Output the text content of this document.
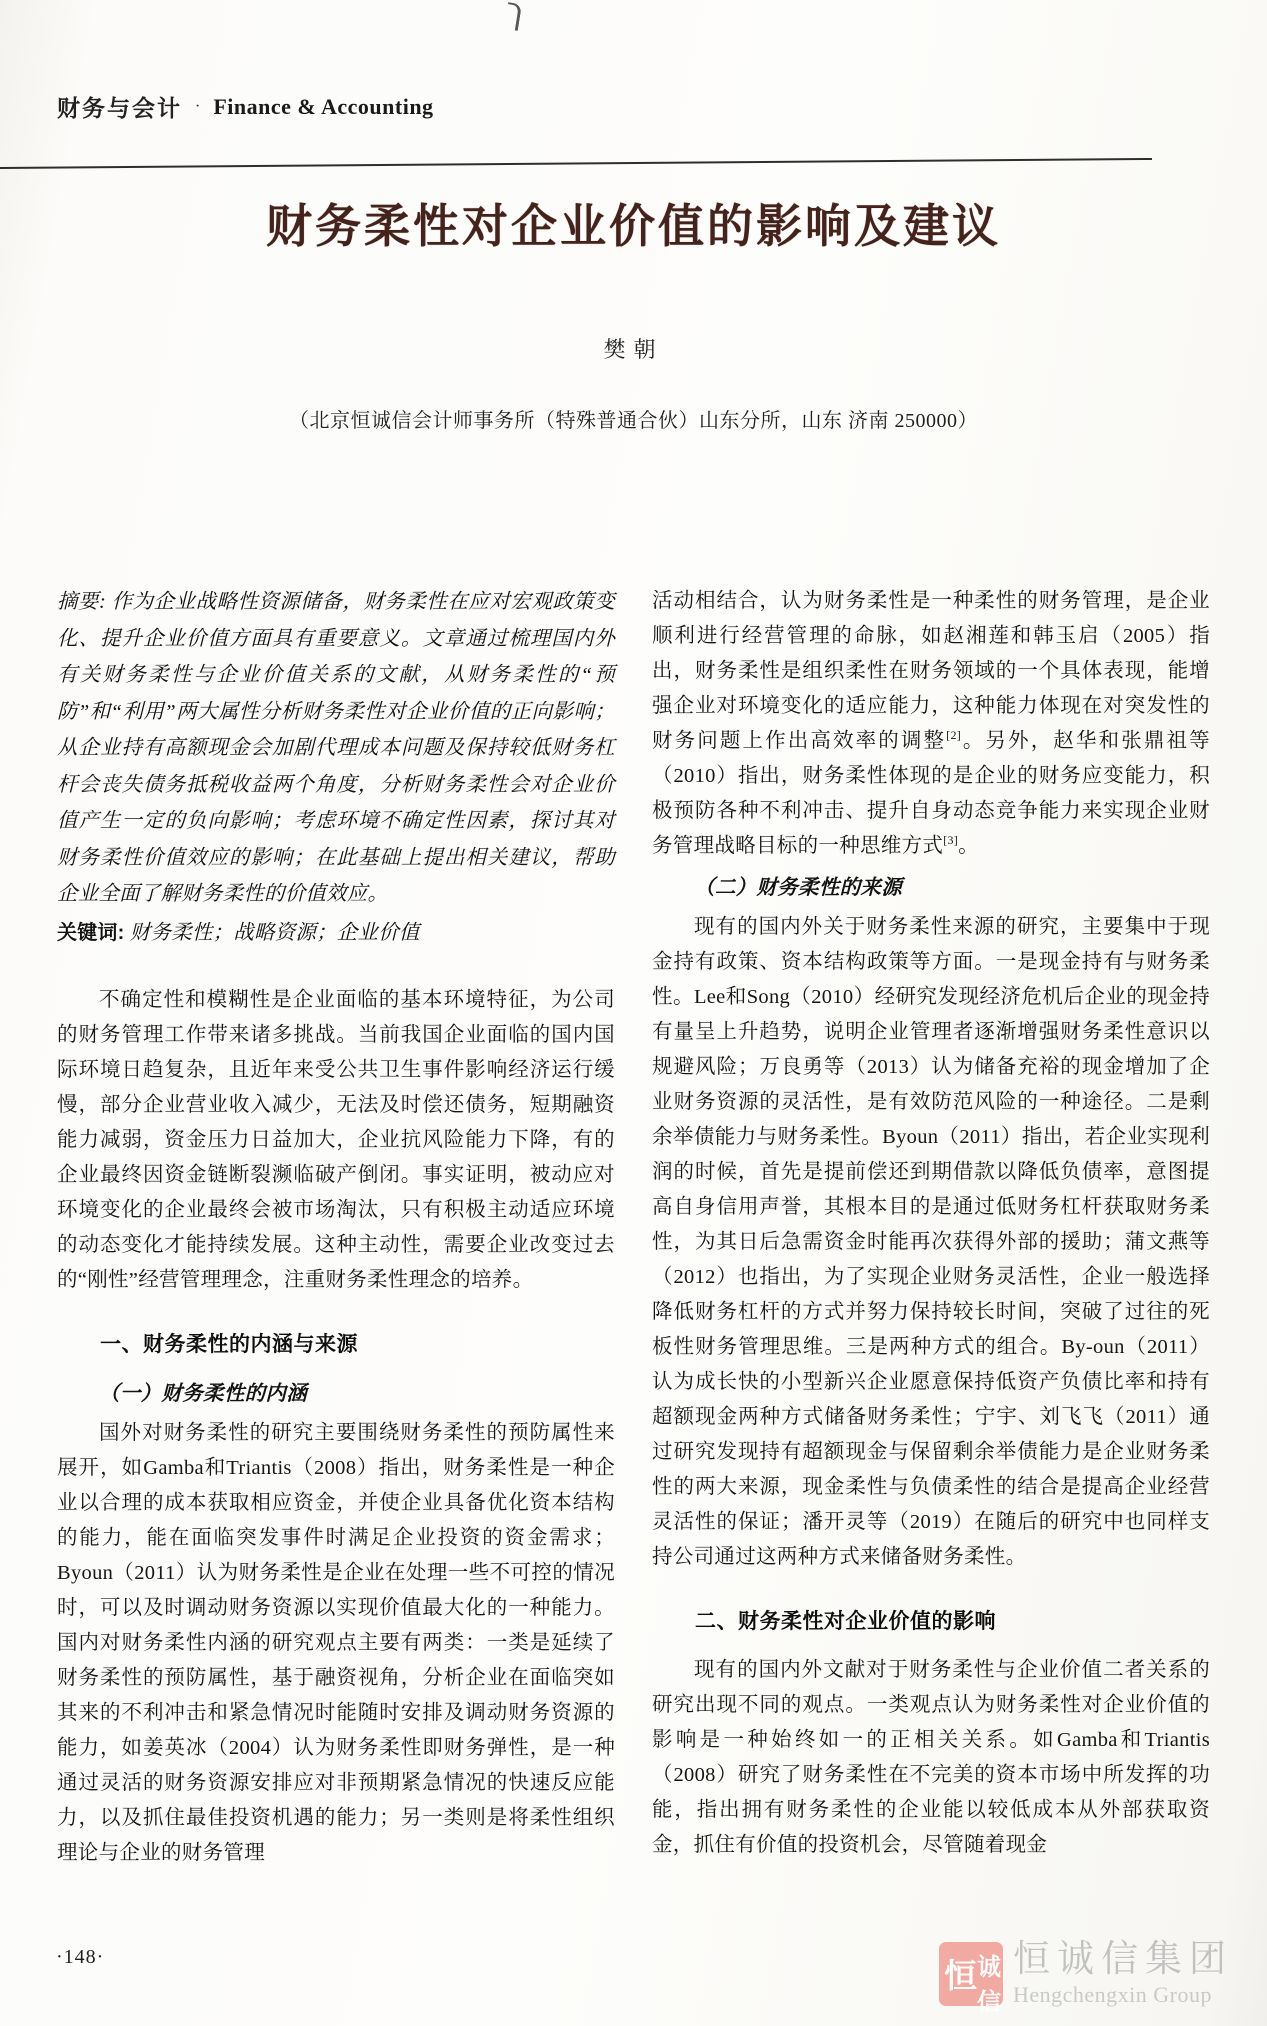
财务与会计 · Finance & Accounting
财务柔性对企业价值的影响及建议
樊朝
（北京恒诚信会计师事务所（特殊普通合伙）山东分所，山东 济南 250000）

摘要: 作为企业战略性资源储备，财务柔性在应对宏观政策变化、提升企业价值方面具有重要意义。文章通过梳理国内外有关财务柔性与企业价值关系的文献，从财务柔性的“预防”和“利用”两大属性分析财务柔性对企业价值的正向影响；从企业持有高额现金会加剧代理成本问题及保持较低财务杠杆会丧失债务抵税收益两个角度，分析财务柔性会对企业价值产生一定的负向影响；考虑环境不确定性因素，探讨其对财务柔性价值效应的影响；在此基础上提出相关建议，帮助企业全面了解财务柔性的价值效应。

关键词: 财务柔性；战略资源；企业价值

不确定性和模糊性是企业面临的基本环境特征，为公司的财务管理工作带来诸多挑战。当前我国企业面临的国内国际环境日趋复杂，且近年来受公共卫生事件影响经济运行缓慢，部分企业营业收入减少，无法及时偿还债务，短期融资能力减弱，资金压力日益加大，企业抗风险能力下降，有的企业最终因资金链断裂濒临破产倒闭。事实证明，被动应对环境变化的企业最终会被市场淘汰，只有积极主动适应环境的动态变化才能持续发展。这种主动性，需要企业改变过去的“刚性”经营管理理念，注重财务柔性理念的培养。

一、财务柔性的内涵与来源
（一）财务柔性的内涵

国外对财务柔性的研究主要围绕财务柔性的预防属性来展开，如Gamba和Triantis（2008）指出，财务柔性是一种企业以合理的成本获取相应资金，并使企业具备优化资本结构的能力，能在面临突发事件时满足企业投资的资金需求；Byoun（2011）认为财务柔性是企业在处理一些不可控的情况时，可以及时调动财务资源以实现价值最大化的一种能力。国内对财务柔性内涵的研究观点主要有两类：一类是延续了财务柔性的预防属性，基于融资视角，分析企业在面临突如其来的不利冲击和紧急情况时能随时安排及调动财务资源的能力，如姜英冰（2004）认为财务柔性即财务弹性，是一种通过灵活的财务资源安排应对非预期紧急情况的快速反应能力，以及抓住最佳投资机遇的能力；另一类则是将柔性组织理论与企业的财务管理

活动相结合，认为财务柔性是一种柔性的财务管理，是企业顺利进行经营管理的命脉，如赵湘莲和韩玉启（2005）指出，财务柔性是组织柔性在财务领域的一个具体表现，能增强企业对环境变化的适应能力，这种能力体现在对突发性的财务问题上作出高效率的调整[2]。另外，赵华和张鼎祖等（2010）指出，财务柔性体现的是企业的财务应变能力，积极预防各种不利冲击、提升自身动态竞争能力来实现企业财务管理战略目标的一种思维方式[3]。

（二）财务柔性的来源

现有的国内外关于财务柔性来源的研究，主要集中于现金持有政策、资本结构政策等方面。一是现金持有与财务柔性。Lee和Song（2010）经研究发现经济危机后企业的现金持有量呈上升趋势，说明企业管理者逐渐增强财务柔性意识以规避风险；万良勇等（2013）认为储备充裕的现金增加了企业财务资源的灵活性，是有效防范风险的一种途径。二是剩余举债能力与财务柔性。Byoun（2011）指出，若企业实现利润的时候，首先是提前偿还到期借款以降低负债率，意图提高自身信用声誉，其根本目的是通过低财务杠杆获取财务柔性，为其日后急需资金时能再次获得外部的援助；蒲文燕等（2012）也指出，为了实现企业财务灵活性，企业一般选择降低财务杠杆的方式并努力保持较长时间，突破了过往的死板性财务管理思维。三是两种方式的组合。By-oun（2011）认为成长快的小型新兴企业愿意保持低资产负债比率和持有超额现金两种方式储备财务柔性；宁宇、刘飞飞（2011）通过研究发现持有超额现金与保留剩余举债能力是企业财务柔性的两大来源，现金柔性与负债柔性的结合是提高企业经营灵活性的保证；潘开灵等（2019）在随后的研究中也同样支持公司通过这两种方式来储备财务柔性。

二、财务柔性对企业价值的影响

现有的国内外文献对于财务柔性与企业价值二者关系的研究出现不同的观点。一类观点认为财务柔性对企业价值的影响是一种始终如一的正相关关系。如Gamba和Triantis（2008）研究了财务柔性在不完美的资本市场中所发挥的功能，指出拥有财务柔性的企业能以较低成本从外部获取资金，抓住有价值的投资机会，尽管随着现金

·148·
恒 诚
信
恒诚信集团
Hengchengxin Group
